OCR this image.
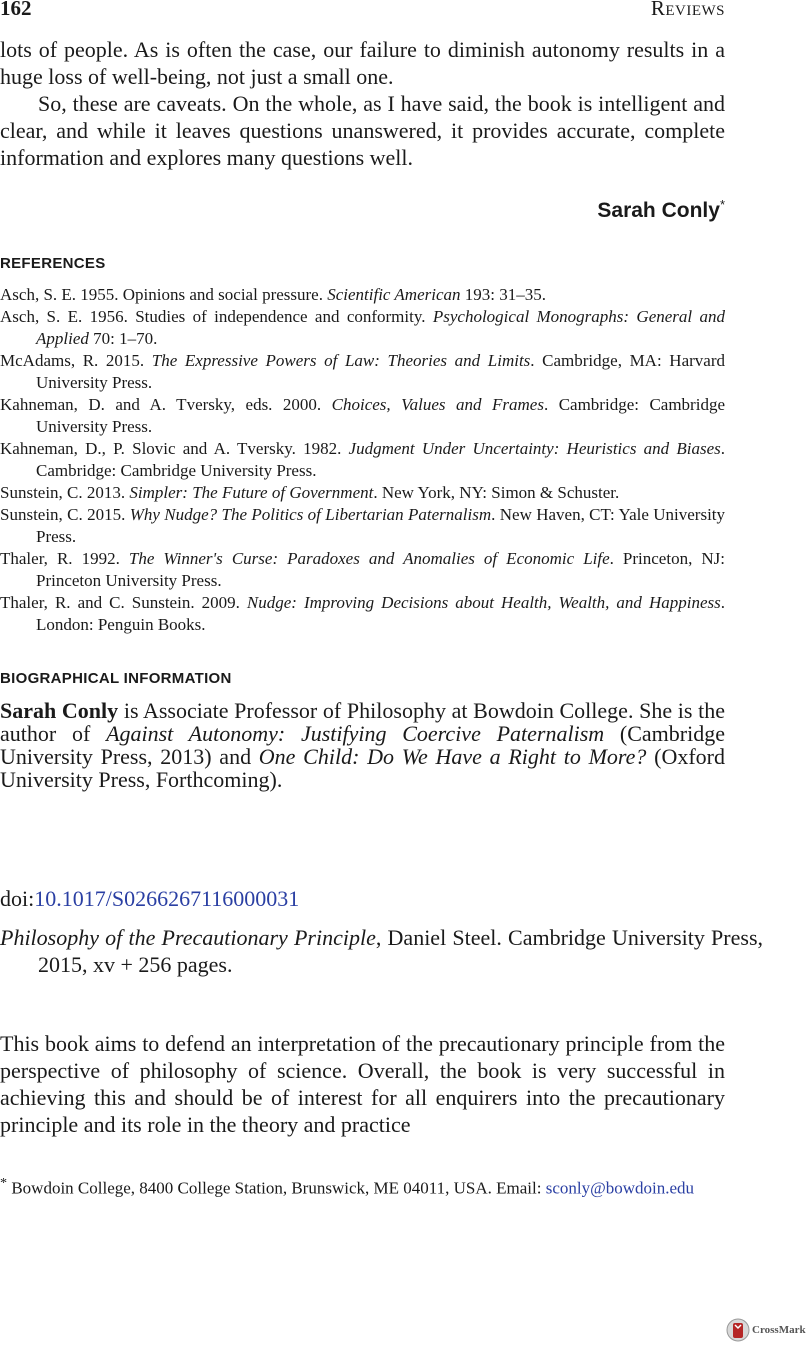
162	Reviews
lots of people. As is often the case, our failure to diminish autonomy results in a huge loss of well-being, not just a small one.
So, these are caveats. On the whole, as I have said, the book is intelligent and clear, and while it leaves questions unanswered, it provides accurate, complete information and explores many questions well.
Sarah Conly*
REFERENCES

Asch, S. E. 1955. Opinions and social pressure. Scientific American 193: 31–35.

Asch, S. E. 1956. Studies of independence and conformity. Psychological Monographs: General and Applied 70: 1–70.

McAdams, R. 2015. The Expressive Powers of Law: Theories and Limits. Cambridge, MA: Harvard University Press.

Kahneman, D. and A. Tversky, eds. 2000. Choices, Values and Frames. Cambridge: Cambridge University Press.

Kahneman, D., P. Slovic and A. Tversky. 1982. Judgment Under Uncertainty: Heuristics and Biases. Cambridge: Cambridge University Press.

Sunstein, C. 2013. Simpler: The Future of Government. New York, NY: Simon & Schuster.

Sunstein, C. 2015. Why Nudge? The Politics of Libertarian Paternalism. New Haven, CT: Yale University Press.

Thaler, R. 1992. The Winner's Curse: Paradoxes and Anomalies of Economic Life. Princeton, NJ: Princeton University Press.

Thaler, R. and C. Sunstein. 2009. Nudge: Improving Decisions about Health, Wealth, and Happiness. London: Penguin Books.

BIOGRAPHICAL INFORMATION
Sarah Conly is Associate Professor of Philosophy at Bowdoin College. She is the author of Against Autonomy: Justifying Coercive Paternalism (Cambridge University Press, 2013) and One Child: Do We Have a Right to More? (Oxford University Press, Forthcoming).
doi:10.1017/S0266267116000031
Philosophy of the Precautionary Principle, Daniel Steel. Cambridge University Press, 2015, xv + 256 pages.
This book aims to defend an interpretation of the precautionary principle from the perspective of philosophy of science. Overall, the book is very successful in achieving this and should be of interest for all enquirers into the precautionary principle and its role in the theory and practice
* Bowdoin College, 8400 College Station, Brunswick, ME 04011, USA. Email: sconly@bowdoin.edu
CrossMark
